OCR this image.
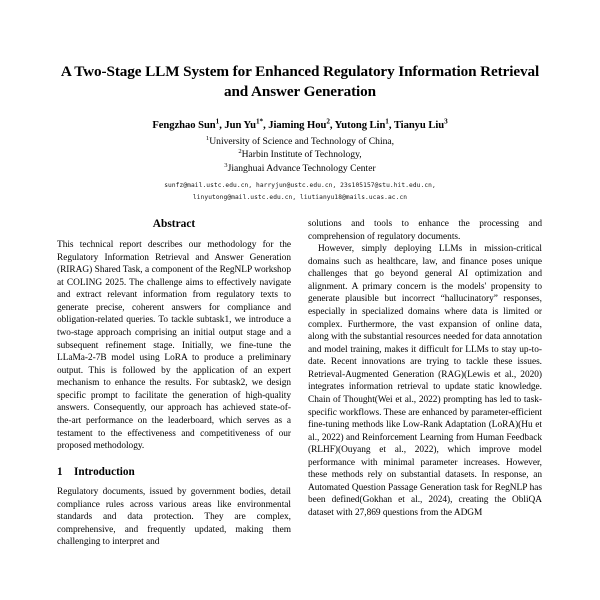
A Two-Stage LLM System for Enhanced Regulatory Information Retrieval and Answer Generation
Fengzhao Sun$^1$, Jun $Yu^{1*}$, Jiaming Hou$^2$, Yutong Lin$^1$, Tianyu Liu$^3$
$^1$University of Science and Technology of China,
$^2$Harbin Institute of Technology,
$^3$Jianghuai Advance Technology Center
sunfz@mail.ustc.edu.cn, harryjun@ustc.edu.cn, 23s105157@stu.hit.edu.cn,
linyutong@mail.ustc.edu.cn, liutianyu18@mails.ucas.ac.cn
Abstract

This technical report describes our methodology for the Regulatory Information Retrieval and Answer Generation (RIRAG) Shared Task, a component of the RegNLP workshop at COLING 2025. The challenge aims to effectively navigate and extract relevant information from regulatory texts to generate precise, coherent answers for compliance and obligation-related queries. To tackle subtask1, we introduce a two-stage approach comprising an initial output stage and a subsequent refinement stage. Initially, we fine-tune the LLaMa-2-7B model using LoRA to produce a preliminary output. This is followed by the application of an expert mechanism to enhance the results. For subtask2, we design specific prompt to facilitate the generation of high-quality answers. Consequently, our approach has achieved state-of-the-art performance on the leaderboard, which serves as a testament to the effectiveness and competitiveness of our proposed methodology.

1 Introduction

Regulatory documents, issued by government bodies, detail compliance rules across various areas like environmental standards and data protection. They are complex, comprehensive, and frequently updated, making them challenging to interpret and

solutions and tools to enhance the processing and comprehension of regulatory documents.

However, simply deploying LLMs in mission-critical domains such as healthcare, law, and finance poses unique challenges that go beyond general AI optimization and alignment. A primary concern is the models' propensity to generate plausible but incorrect “hallucinatory” responses, especially in specialized domains where data is limited or complex. Furthermore, the vast expansion of online data, along with the substantial resources needed for data annotation and model training, makes it difficult for LLMs to stay up-to-date. Recent innovations are trying to tackle these issues. Retrieval-Augmented Generation (RAG)(Lewis et al., 2020) integrates information retrieval to update static knowledge. Chain of Thought(Wei et al., 2022) prompting has led to task-specific workflows. These are enhanced by parameter-efficient fine-tuning methods like Low-Rank Adaptation (LoRA)(Hu et al., 2022) and Reinforcement Learning from Human Feedback (RLHF)(Ouyang et al., 2022), which improve model performance with minimal parameter increases. However, these methods rely on substantial datasets. In response, an Automated Question Passage Generation task for RegNLP has been defined(Gokhan et al., 2024), creating the ObliQA dataset with 27,869 questions from the ADGM
